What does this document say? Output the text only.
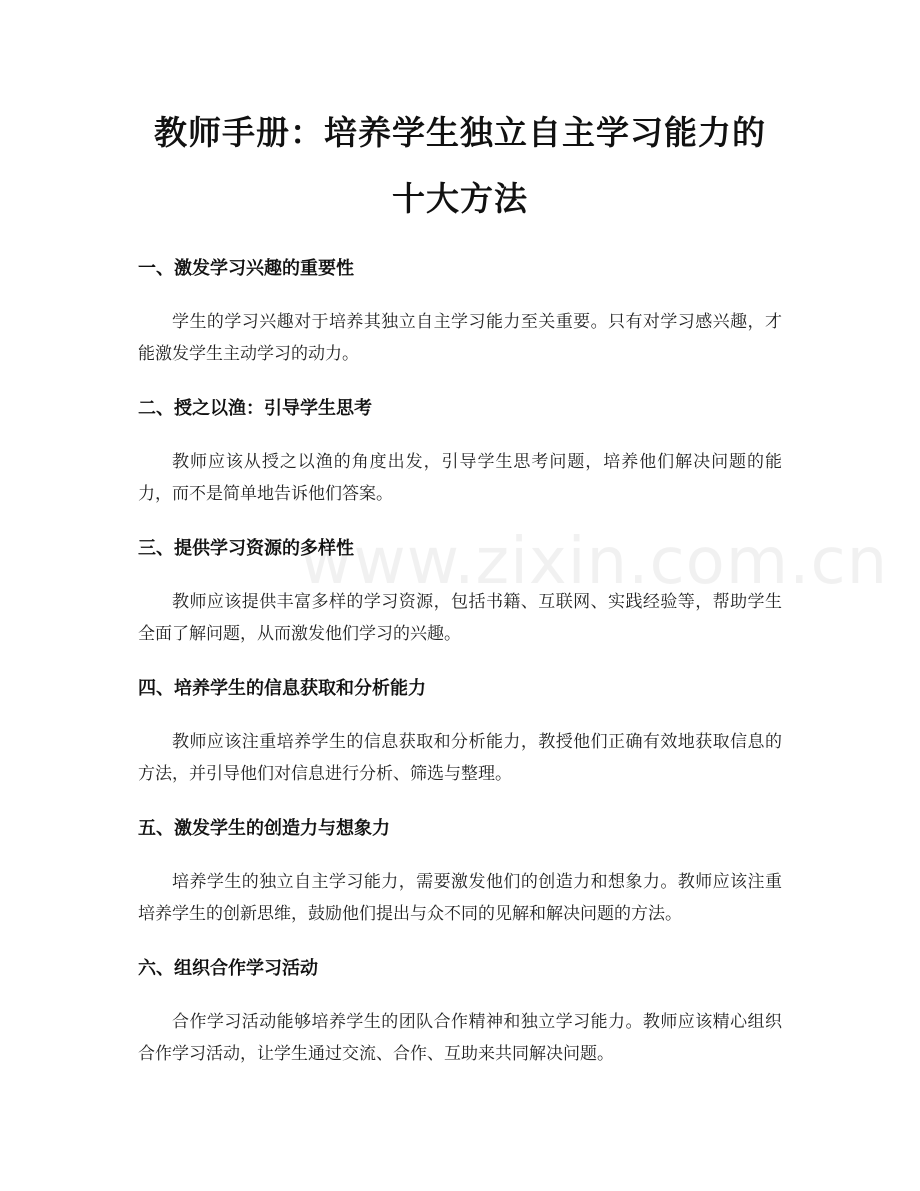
教师手册：培养学生独立自主学习能力的十大方法
一、激发学习兴趣的重要性

学生的学习兴趣对于培养其独立自主学习能力至关重要。只有对学习感兴趣，才能激发学生主动学习的动力。

二、授之以渔：引导学生思考

教师应该从授之以渔的角度出发，引导学生思考问题，培养他们解决问题的能力，而不是简单地告诉他们答案。

三、提供学习资源的多样性

教师应该提供丰富多样的学习资源，包括书籍、互联网、实践经验等，帮助学生全面了解问题，从而激发他们学习的兴趣。

四、培养学生的信息获取和分析能力

教师应该注重培养学生的信息获取和分析能力，教授他们正确有效地获取信息的方法，并引导他们对信息进行分析、筛选与整理。

五、激发学生的创造力与想象力

培养学生的独立自主学习能力，需要激发他们的创造力和想象力。教师应该注重培养学生的创新思维，鼓励他们提出与众不同的见解和解决问题的方法。

六、组织合作学习活动

合作学习活动能够培养学生的团队合作精神和独立学习能力。教师应该精心组织合作学习活动，让学生通过交流、合作、互助来共同解决问题。

www.zixin.com.cn
